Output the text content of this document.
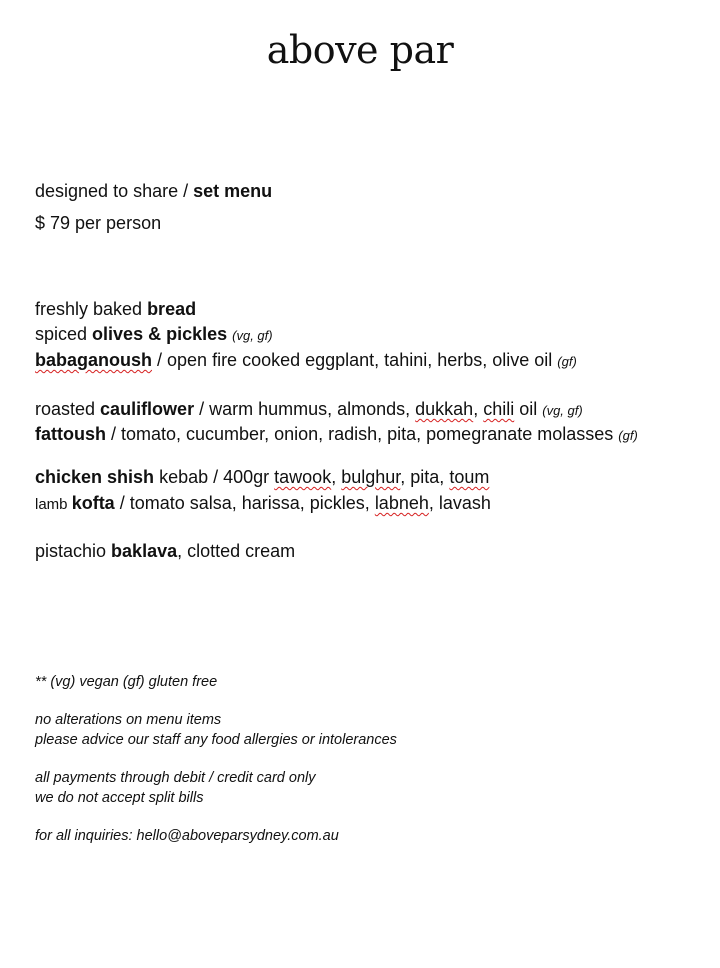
above par
designed to share / set menu
$ 79 per person
freshly baked bread
spiced olives & pickles (vg, gf)
babaganoush / open fire cooked eggplant, tahini, herbs, olive oil (gf)
roasted cauliflower / warm hummus, almonds, dukkah, chili oil (vg, gf)
fattoush / tomato, cucumber, onion, radish, pita, pomegranate molasses (gf)
chicken shish kebab / 400gr tawook, bulghur, pita, toum
lamb kofta / tomato salsa, harissa, pickles, labneh, lavash
pistachio baklava, clotted cream
** (vg) vegan (gf) gluten free
no alterations on menu items
please advice our staff any food allergies or intolerances
all payments through debit / credit card only
we do not accept split bills
for all inquiries: hello@aboveparsydney.com.au
